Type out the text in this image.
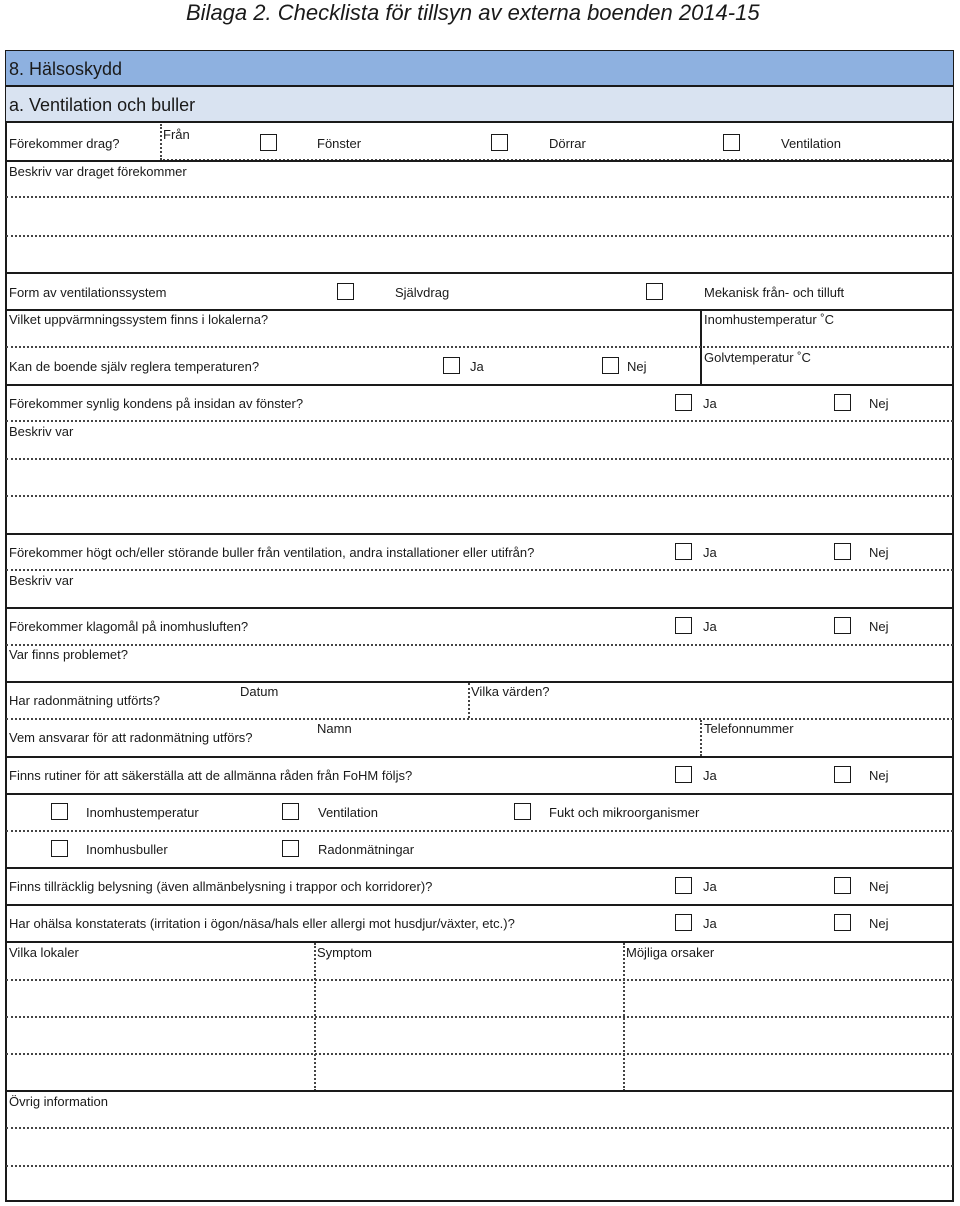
Bilaga 2. Checklista för tillsyn av externa boenden 2014-15
8. Hälsoskydd
a. Ventilation och buller
Förekommer drag?
Från
Fönster	Dörrar	Ventilation
Beskriv var draget förekommer
Form av ventilationssystem	Självdrag	Mekanisk från- och tilluft
Vilket uppvärmningssystem finns i lokalerna?	Inomhustemperatur ˚C
Kan de boende själv reglera temperaturen?	Ja	Nej
Golvtemperatur ˚C
Förekommer synlig kondens på insidan av fönster?	Ja	Nej
Beskriv var
Förekommer högt och/eller störande buller från ventilation, andra installationer eller utifrån?	Ja	Nej
Beskriv var
Förekommer klagomål på inomhusluften?	Ja	Nej
Var finns problemet?
Har radonmätning utförts?
Datum	Vilka värden?
Vem ansvarar för att radonmätning utförs?
Namn	Telefonnummer
Finns rutiner för att säkerställa att de allmänna råden från FoHM följs?	Ja	Nej
Inomhustemperatur	Ventilation	Fukt och mikroorganismer
Inomhusbuller	Radonmätningar
Finns tillräcklig belysning (även allmänbelysning i trappor och korridorer)?	Ja	Nej
Har ohälsa konstaterats (irritation i ögon/näsa/hals eller allergi mot husdjur/växter, etc.)?	Ja	Nej
Vilka lokaler	Symptom	Möjliga orsaker
Övrig information
